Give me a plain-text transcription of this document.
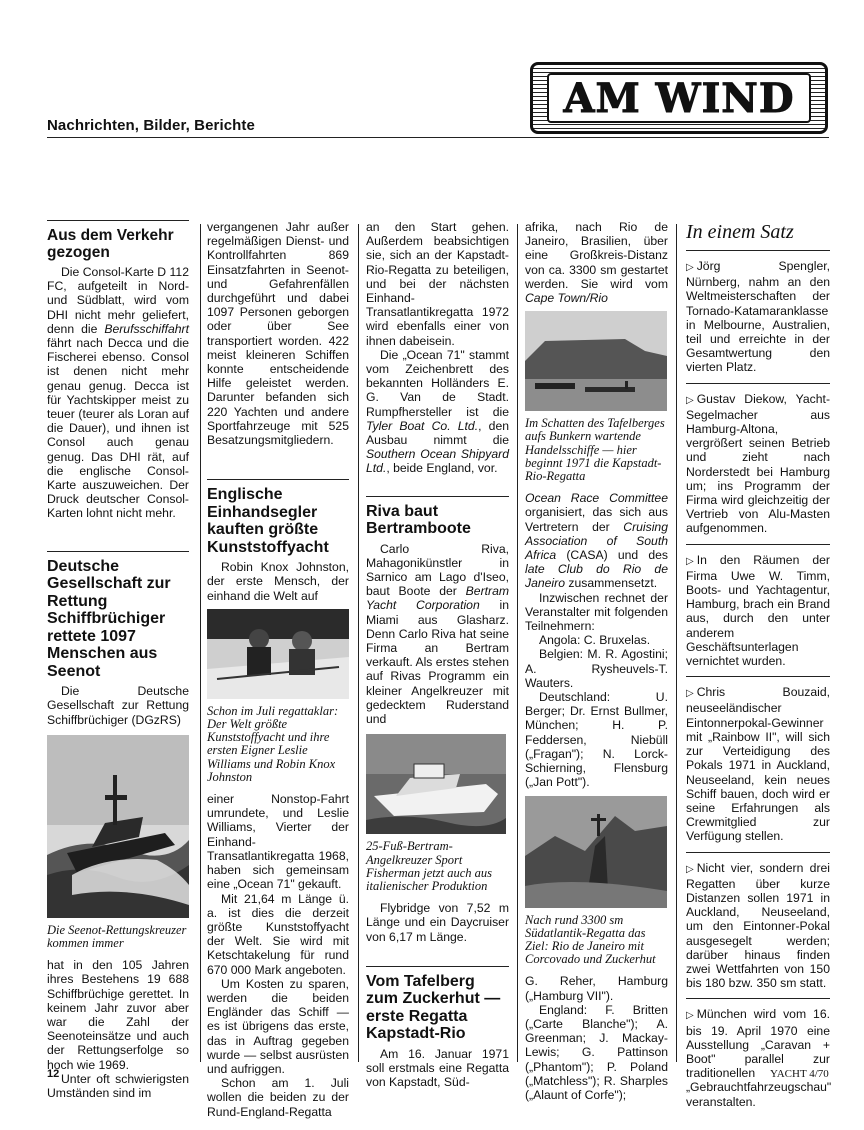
Nachrichten, Bilder, Berichte
AM WIND
Aus dem Verkehr gezogen

Die Consol-Karte D 112 FC, aufgeteilt in Nord- und Südblatt, wird vom DHI nicht mehr geliefert, denn die Berufsschiffahrt fährt nach Decca und die Fischerei ebenso. Consol ist denen nicht mehr genau genug. Decca ist für Yachtskipper meist zu teuer (teurer als Loran auf die Dauer), und ihnen ist Consol auch genau genug. Das DHI rät, auf die englische Consol-Karte auszuweichen. Der Druck deutscher Consol-Karten lohnt nicht mehr.

Deutsche Gesellschaft zur Rettung Schiffbrüchiger rettete 1097 Menschen aus Seenot

Die Deutsche Gesellschaft zur Rettung Schiffbrüchiger (DGzRS)

Die Seenot-Rettungskreuzer kommen immer

hat in den 105 Jahren ihres Bestehens 19 688 Schiffbrüchige gerettet. In keinem Jahr zuvor aber war die Zahl der Seenoteinsätze und auch der Rettungserfolge so hoch wie 1969.

Unter oft schwierigsten Umständen sind im

vergangenen Jahr außer regelmäßigen Dienst- und Kontrollfahrten 869 Einsatzfahrten in Seenot- und Gefahrenfällen durchgeführt und dabei 1097 Personen geborgen oder über See transportiert worden. 422 meist kleineren Schiffen konnte entscheidende Hilfe geleistet werden. Darunter befanden sich 220 Yachten und andere Sportfahrzeuge mit 525 Besatzungsmitgliedern.

Englische Einhandsegler kauften größte Kunststoffyacht

Robin Knox Johnston, der erste Mensch, der einhand die Welt auf

Schon im Juli regattaklar: Der Welt größte Kunststoffyacht und ihre ersten Eigner Leslie Williams und Robin Knox Johnston

einer Nonstop-Fahrt umrundete, und Leslie Williams, Vierter der Einhand-Transatlantikregatta 1968, haben sich gemeinsam eine „Ocean 71" gekauft.

Mit 21,64 m Länge ü. a. ist dies die derzeit größte Kunststoffyacht der Welt. Sie wird mit Ketschtakelung für rund 670 000 Mark angeboten.

Um Kosten zu sparen, werden die beiden Engländer das Schiff — es ist übrigens das erste, das in Auftrag gegeben wurde — selbst ausrüsten und aufriggen.

Schon am 1. Juli wollen die beiden zu der Rund-England-Regatta

an den Start gehen. Außerdem beabsichtigen sie, sich an der Kapstadt-Rio-Regatta zu beteiligen, und bei der nächsten Einhand-Transatlantikregatta 1972 wird ebenfalls einer von ihnen dabeisein.

Die „Ocean 71" stammt vom Zeichenbrett des bekannten Holländers E. G. Van de Stadt. Rumpfhersteller ist die Tyler Boat Co. Ltd., den Ausbau nimmt die Southern Ocean Shipyard Ltd., beide England, vor.

Riva baut Bertramboote

Carlo Riva, Mahagonikünstler in Sarnico am Lago d'Iseo, baut Boote der Bertram Yacht Corporation in Miami aus Glasharz. Denn Carlo Riva hat seine Firma an Bertram verkauft. Als erstes stehen auf Rivas Programm ein kleiner Angelkreuzer mit gedecktem Ruderstand und

25-Fuß-Bertram-Angelkreuzer Sport Fisherman jetzt auch aus italienischer Produktion

Flybridge von 7,52 m Länge und ein Daycruiser von 6,17 m Länge.

Vom Tafelberg zum Zuckerhut — erste Regatta Kapstadt-Rio

Am 16. Januar 1971 soll erstmals eine Regatta von Kapstadt, Süd-

afrika, nach Rio de Janeiro, Brasilien, über eine Großkreis-Distanz von ca. 3300 sm gestartet werden. Sie wird vom Cape Town/Rio

Im Schatten des Tafelberges aufs Bunkern wartende Handelsschiffe — hier beginnt 1971 die Kapstadt-Rio-Regatta

Ocean Race Committee organisiert, das sich aus Vertretern der Cruising Association of South Africa (CASA) und des late Club do Rio de Janeiro zusammensetzt.

Inzwischen rechnet der Veranstalter mit folgenden Teilnehmern:

Angola: C. Bruxelas.

Belgien: M. R. Agostini; A. Rysheuvels-T. Wauters.

Deutschland: U. Berger; Dr. Ernst Bullmer, München; H. P. Feddersen, Niebüll („Fragan"); N. Lorck-Schierning, Flensburg („Jan Pott").

Nach rund 3300 sm Südatlantik-Regatta das Ziel: Rio de Janeiro mit Corcovado und Zuckerhut

G. Reher, Hamburg („Hamburg VII").

England: F. Britten („Carte Blanche"); A. Greenman; J. Mackay-Lewis; G. Pattinson („Phantom"); P. Poland („Matchless"); R. Sharples („Alaunt of Corfe");

In einem Satz

▷ Jörg Spengler, Nürnberg, nahm an den Weltmeisterschaften der Tornado-Katamaranklasse in Melbourne, Australien, teil und erreichte in der Gesamtwertung den vierten Platz.

▷ Gustav Diekow, Yacht-Segelmacher aus Hamburg-Altona, vergrößert seinen Betrieb und zieht nach Norderstedt bei Hamburg um; ins Programm der Firma wird gleichzeitig der Vertrieb von Alu-Masten aufgenommen.

▷ In den Räumen der Firma Uwe W. Timm, Boots- und Yachtagentur, Hamburg, brach ein Brand aus, durch den unter anderem Geschäftsunterlagen vernichtet wurden.

▷ Chris Bouzaid, neuseeländischer Eintonnerpokal-Gewinner mit „Rainbow II", will sich zur Verteidigung des Pokals 1971 in Auckland, Neuseeland, kein neues Schiff bauen, doch wird er seine Erfahrungen als Crewmitglied zur Verfügung stellen.

▷ Nicht vier, sondern drei Regatten über kurze Distanzen sollen 1971 in Auckland, Neuseeland, um den Eintonner-Pokal ausgesegelt werden; darüber hinaus finden zwei Wettfahrten von 150 bis 180 bzw. 350 sm statt.

▷ München wird vom 16. bis 19. April 1970 eine Ausstellung „Caravan + Boot" parallel zur traditionellen „Gebrauchtfahrzeugschau" veranstalten.

12	YACHT 4/70
